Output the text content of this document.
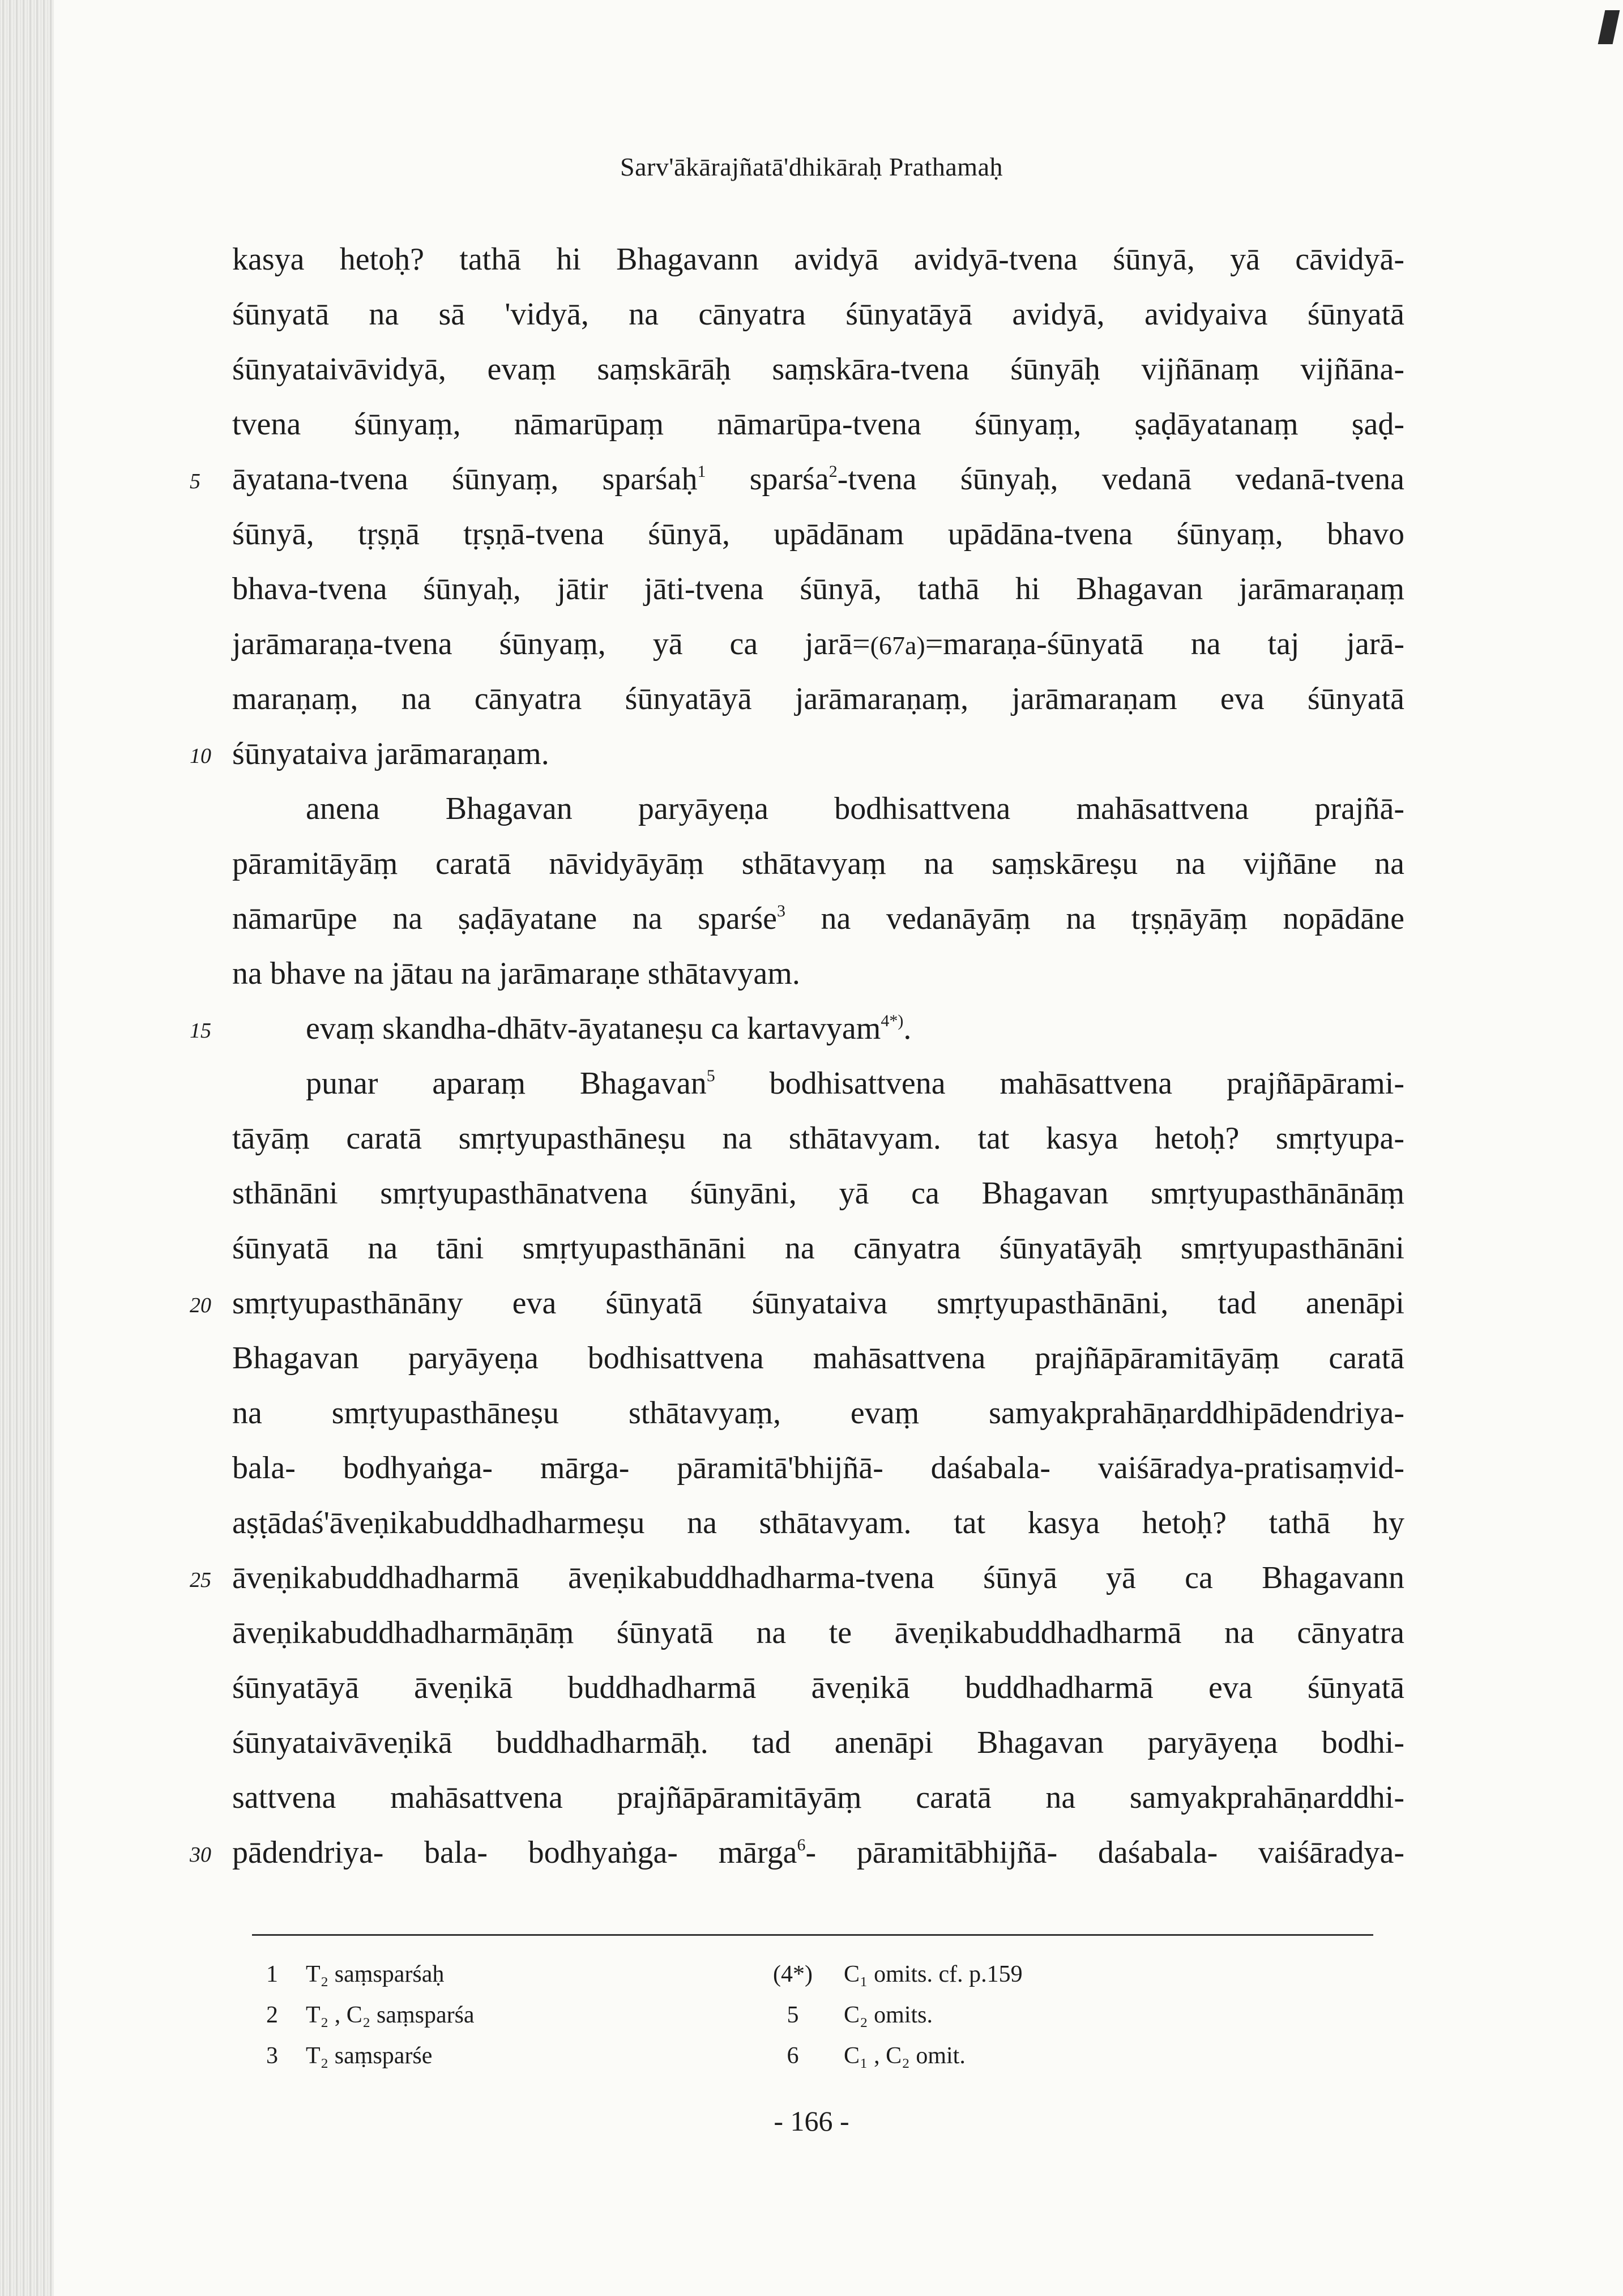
Sarv'ākārajñatā'dhikāraḥ Prathamaḥ
kasya hetoḥ? tathā hi Bhagavann avidyā avidyā-tvena śūnyā, yā cāvidyā-
śūnyatā na sā 'vidyā, na cānyatra śūnyatāyā avidyā, avidyaiva śūnyatā
śūnyataivāvidyā, evaṃ saṃskārāḥ saṃskāra-tvena śūnyāḥ vijñānaṃ vijñāna-
tvena śūnyaṃ, nāmarūpaṃ nāmarūpa-tvena śūnyaṃ, ṣaḍāyatanaṃ ṣaḍ-
5	āyatana-tvena śūnyaṃ, sparśaḥ$^1$ sparśa$^2$-tvena śūnyaḥ, vedanā vedanā-tvena
śūnyā, tṛṣṇā tṛṣṇā-tvena śūnyā, upādānam upādāna-tvena śūnyaṃ, bhavo
bhava-tvena śūnyaḥ, jātir jāti-tvena śūnyā, tathā hi Bhagavan jarāmaraṇaṃ
jarāmaraṇa-tvena śūnyaṃ, yā ca jarā=(67a)=maraṇa-śūnyatā na taj jarā-
maraṇaṃ, na cānyatra śūnyatāyā jarāmaraṇaṃ, jarāmaraṇam eva śūnyatā
10 śūnyataiva jarāmaraṇam.
anena Bhagavan paryāyeṇa bodhisattvena mahāsattvena prajñā-
pāramitāyāṃ caratā nāvidyāyāṃ sthātavyaṃ na saṃskāreṣu na vijñāne na
nāmarūpe na ṣaḍāyatane na sparśe$^3$ na vedanāyāṃ na tṛṣṇāyāṃ nopādāne
na bhave na jātau na jarāmaraṇe sthātavyam.
15	evaṃ skandha-dhātv-āyataneṣu ca kartavyam$^{4*)}$.
punar aparaṃ Bhagavan$^5$ bodhisattvena mahāsattvena prajñāpārami-
tāyāṃ caratā smṛtyupasthāneṣu na sthātavyam. tat kasya hetoḥ? smṛtyupa-
sthānāni smṛtyupasthānatvena śūnyāni, yā ca Bhagavan smṛtyupasthānānāṃ
śūnyatā na tāni smṛtyupasthānāni na cānyatra śūnyatāyāḥ smṛtyupasthānāni
20 smṛtyupasthānāny eva śūnyatā śūnyataiva smṛtyupasthānāni, tad anenāpi
Bhagavan paryāyeṇa bodhisattvena mahāsattvena prajñāpāramitāyāṃ caratā
na smṛtyupasthāneṣu sthātavyaṃ, evaṃ samyakprahāṇarddhipādendriya-
bala- bodhyaṅga- mārga- pāramitā'bhijñā- daśabala- vaiśāradya-pratisaṃvid-
aṣṭādaś'āveṇikabuddhadharmeṣu na sthātavyam. tat kasya hetoḥ? tathā hy
25 āveṇikabuddhadharmā āveṇikabuddhadharma-tvena śūnyā yā ca Bhagavann
āveṇikabuddhadharmāṇāṃ śūnyatā na te āveṇikabuddhadharmā na cānyatra
śūnyatāyā āveṇikā buddhadharmā āveṇikā buddhadharmā eva śūnyatā
śūnyataivāveṇikā buddhadharmāḥ. tad anenāpi Bhagavan paryāyeṇa bodhi-
sattvena mahāsattvena prajñāpāramitāyāṃ caratā na samyakprahāṇarddhi-
30 pādendriya- bala- bodhyaṅga- mārga$^6$- pāramitābhijñā- daśabala- vaiśāradya-
1	T₂ saṃsparśaḥ	(4*)	C₁ omits. cf. p.159
2	T₂ , C₂ saṃsparśa	5	C₂ omits.
3	T₂ saṃsparśe	6	C₁ , C₂ omit.
- 166 -
